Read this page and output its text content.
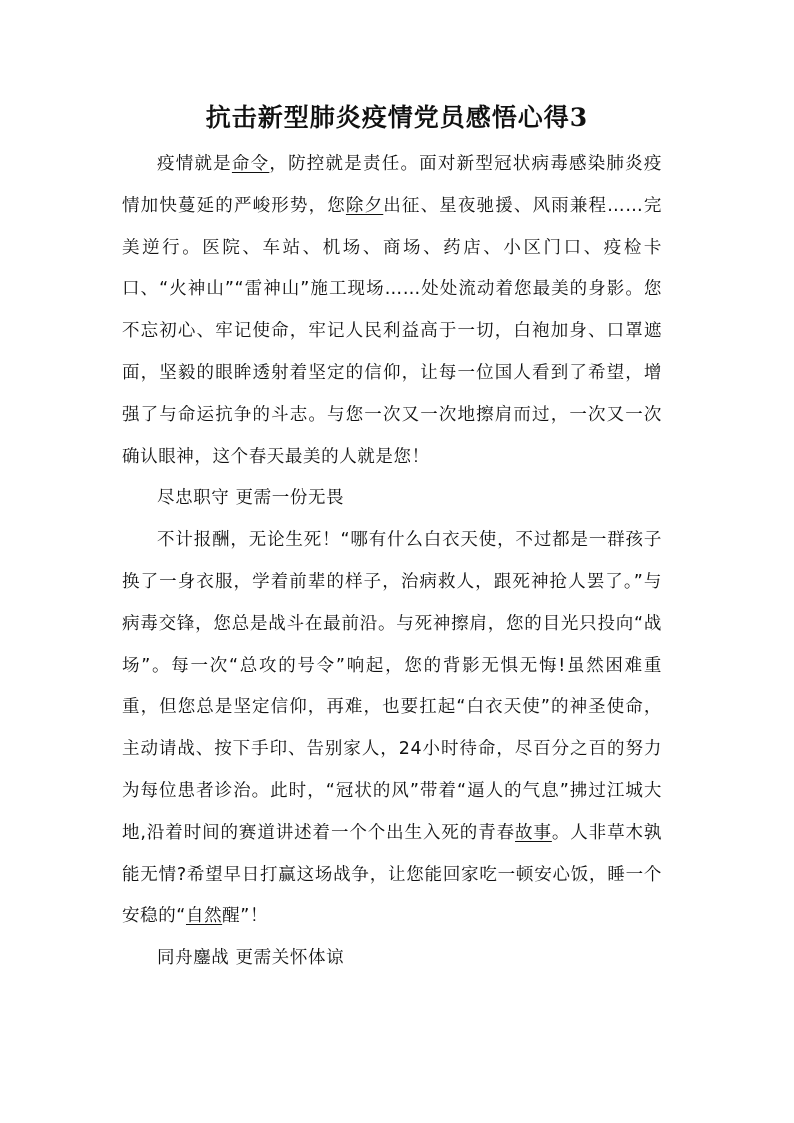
抗击新型肺炎疫情党员感悟心得3

疫情就是命令，防控就是责任。面对新型冠状病毒感染肺炎疫情加快蔓延的严峻形势，您除夕出征、星夜驰援、风雨兼程……完美逆行。医院、车站、机场、商场、药店、小区门口、疫检卡口、“火神山”“雷神山”施工现场……处处流动着您最美的身影。您不忘初心、牢记使命，牢记人民利益高于一切，白袍加身、口罩遮面，坚毅的眼眸透射着坚定的信仰，让每一位国人看到了希望，增强了与命运抗争的斗志。与您一次又一次地擦肩而过，一次又一次确认眼神，这个春天最美的人就是您！

尽忠职守 更需一份无畏

不计报酬，无论生死！“哪有什么白衣天使，不过都是一群孩子换了一身衣服，学着前辈的样子，治病救人，跟死神抢人罢了。”与病毒交锋，您总是战斗在最前沿。与死神擦肩，您的目光只投向“战场”。每一次“总攻的号令”响起，您的背影无惧无悔!虽然困难重重，但您总是坚定信仰，再难，也要扛起“白衣天使”的神圣使命，主动请战、按下手印、告别家人，24小时待命，尽百分之百的努力为每位患者诊治。此时，“冠状的风”带着“逼人的气息”拂过江城大地,沿着时间的赛道讲述着一个个出生入死的青春故事。人非草木孰能无情?希望早日打赢这场战争，让您能回家吃一顿安心饭，睡一个安稳的“自然醒”！

同舟鏖战 更需关怀体谅
